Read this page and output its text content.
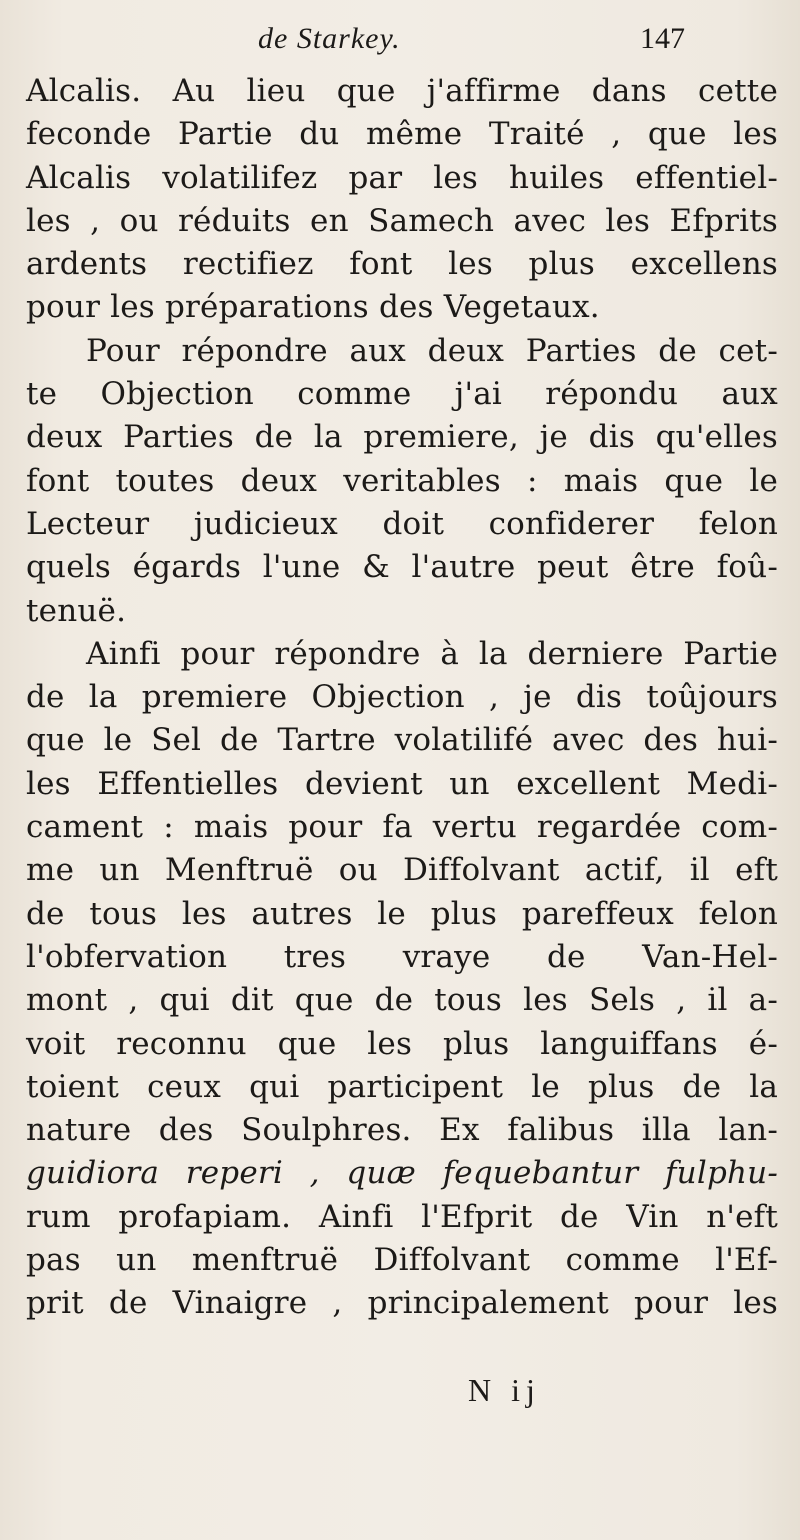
de Starkey.	147
Alcalis. Au lieu que j'affirme dans cette
feconde Partie du même Traité , que les
Alcalis volatilifez par les huiles effentiel-
les , ou réduits en Samech avec les Efprits
ardents rectifiez font les plus excellens
pour les préparations des Vegetaux.
Pour répondre aux deux Parties de cet-
te Objection comme j'ai répondu aux
deux Parties de la premiere, je dis qu'elles
font toutes deux veritables : mais que le
Lecteur judicieux doit confiderer felon
quels égards l'une & l'autre peut être foû-
tenuë.
Ainfi pour répondre à la derniere Partie
de la premiere Objection , je dis toûjours
que le Sel de Tartre volatilifé avec des hui-
les Effentielles devient un excellent Medi-
cament : mais pour fa vertu regardée com-
me un Menftruë ou Diffolvant actif, il eft
de tous les autres le plus pareffeux felon
l'obfervation tres vraye de Van-Hel-
mont , qui dit que de tous les Sels , il a-
voit reconnu que les plus languiffans é-
toient ceux qui participent le plus de la
nature des Soulphres. Ex falibus illa lan-
guidiora reperi , quæ fequebantur fulphu-
rum profapiam. Ainfi l'Efprit de Vin n'eft
pas un menftruë Diffolvant comme l'Ef-
prit de Vinaigre , principalement pour les
N ij
